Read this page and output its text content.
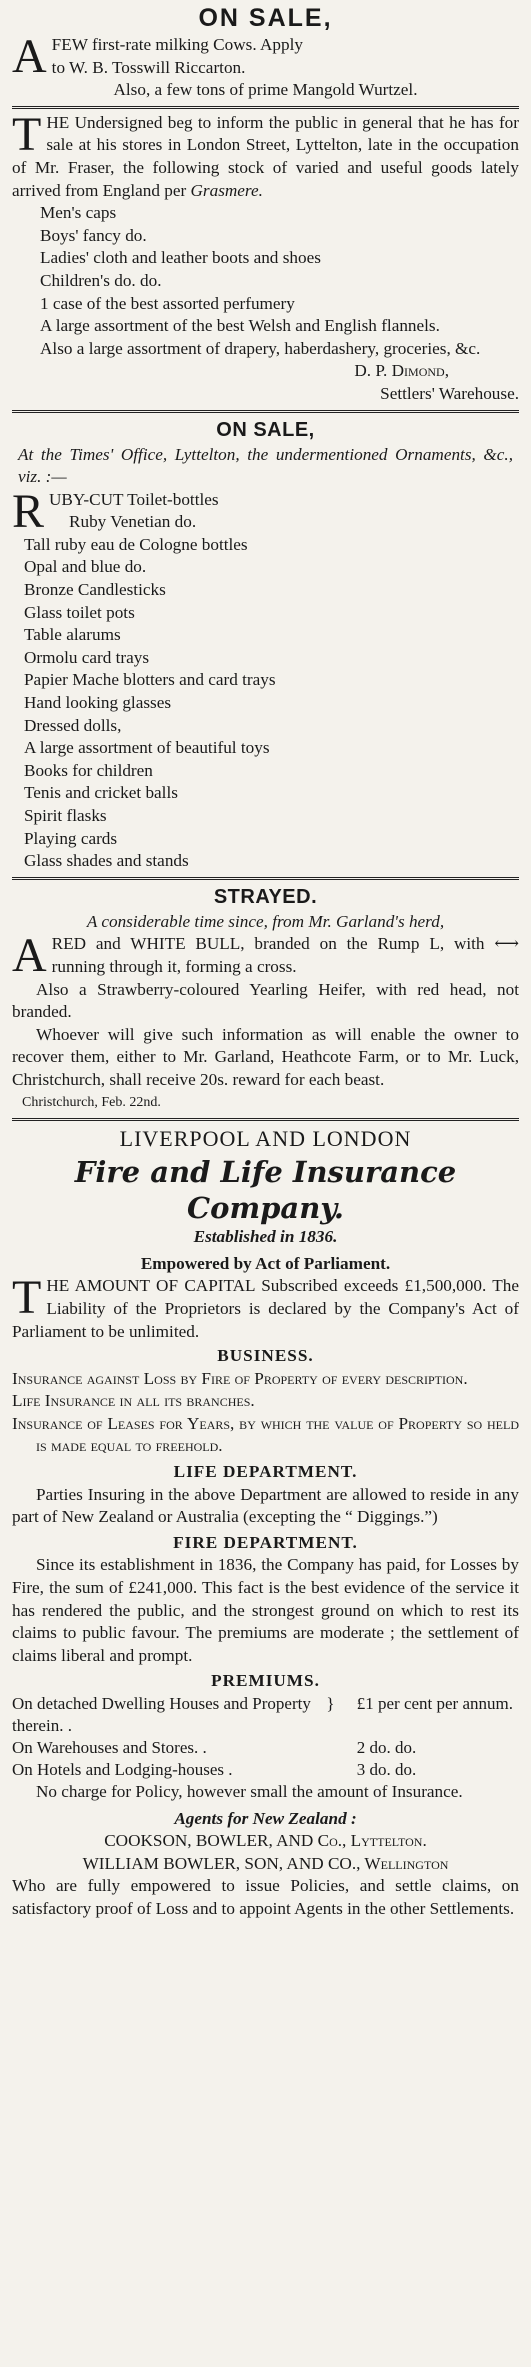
ON SALE,
A FEW first-rate milking Cows. Apply
to W. B. Tosswill Riccarton.
Also, a few tons of prime Mangold Wurtzel.
T HE Undersigned beg to inform the public in general that he has for sale at his stores in London Street, Lyttelton, late in the occupation of Mr. Fraser, the following stock of varied and useful goods lately arrived from England per Grasmere.
Men's caps
Boys' fancy do.
Ladies' cloth and leather boots and shoes
Children's do. do.
1 case of the best assorted perfumery
A large assortment of the best Welsh and English flannels.
Also a large assortment of drapery, haberdashery, groceries, &c.
D. P. Dimond,
Settlers' Warehouse.
ON SALE,
At the Times' Office, Lyttelton, the undermentioned Ornaments, &c., viz. :—
R UBY-CUT Toilet-bottles
Ruby Venetian do.
Tall ruby eau de Cologne bottles
Opal and blue do.
Bronze Candlesticks
Glass toilet pots
Table alarums
Ormolu card trays
Papier Mache blotters and card trays
Hand looking glasses
Dressed dolls,
A large assortment of beautiful toys
Books for children
Tenis and cricket balls
Spirit flasks
Playing cards
Glass shades and stands
STRAYED.
A considerable time since, from Mr. Garland's herd,
A RED and WHITE BULL, branded on the Rump L, with ⟷ running through it, forming a cross.
Also a Strawberry-coloured Yearling Heifer, with red head, not branded.
Whoever will give such information as will enable the owner to recover them, either to Mr. Garland, Heathcote Farm, or to Mr. Luck, Christchurch, shall receive 20s. reward for each beast.
Christchurch, Feb. 22nd.
LIVERPOOL AND LONDON
Fire and Life Insurance Company.
Established in 1836.
Empowered by Act of Parliament.
T HE AMOUNT OF CAPITAL Subscribed exceeds £1,500,000. The Liability of the Proprietors is declared by the Company's Act of Parliament to be unlimited.
BUSINESS.
Insurance against Loss by Fire of Property of every description.
Life Insurance in all its branches.
Insurance of Leases for Years, by which the value of Property so held is made equal to freehold.
LIFE DEPARTMENT.
Parties Insuring in the above Department are allowed to reside in any part of New Zealand or Australia (excepting the “ Diggings.”)
FIRE DEPARTMENT.
Since its establishment in 1836, the Company has paid, for Losses by Fire, the sum of £241,000. This fact is the best evidence of the service it has rendered the public, and the strongest ground on which to rest its claims to public favour. The premiums are moderate ; the settlement of claims liberal and prompt.
PREMIUMS.
On detached Dwelling Houses and Property therein. .	}	£1 per cent per annum.
On Warehouses and Stores. .		2 do. do.
On Hotels and Lodging-houses .		3 do. do.
No charge for Policy, however small the amount of Insurance.
Agents for New Zealand :
COOKSON, BOWLER, AND Co., Lyttelton.
WILLIAM BOWLER, SON, AND CO., Wellington
Who are fully empowered to issue Policies, and settle claims, on satisfactory proof of Loss and to appoint Agents in the other Settlements.
